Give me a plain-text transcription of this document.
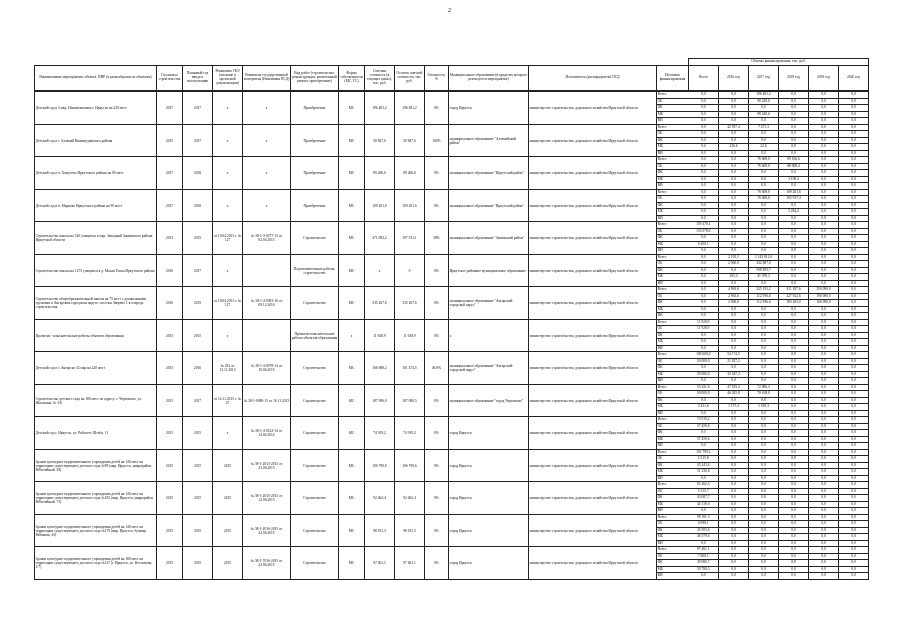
2
													Объемы финансирования, тыс. руб.					
Наименование мероприятия, объекта, ПИР (в разнообразии по объектам)	Год начала строительства	Плановый год ввода в эксплуатацию	Реквизиты ГКЭ (наличие в проектной документации)	Реквизиты государственной экспертизы (Изменения ПСД)	Вид работ (строительство, реконструкция, капитальный ремонт, приобретение)	Форма собственности (МС, ГС)	Сметная стоимость (в текущих ценах), тыс. руб.	Остаток сметной стоимости, тыс. руб.	Готовность, %	Муниципальное образование (в пределах которого реализуется мероприятие)	Исполнитель (распорядитель) ПСД	Источник финансирования	Всего	2016 год	2017 год	2018 год	2019 год	2020 год
Детский сад в 3 мкр. Иннокентьевка г. Иркутск на 220 мест	2017	2017	х	х	Приобретение	МС	196 481,2	196 481,2	0%	город Иркутск	министерство строительства, дорожного хозяйства Иркутской области	Всего	0,0	0,0	196 481,2	0,0	0,0	0,0
												ОБ	0,0	0,0	98 240,6	0,0	0,0	0,0
												ФБ	0,0	0,0	0,0	0,0	0,0	0,0
												МБ	0,0	0,0	98 240,6	0,0	0,0	0,0
												ВИ	0,0	0,0	0,0	0,0	0,0	0,0
Детский сад в г. Алзамай Нижнеудинского района	2015	2017	х	х	Приобретение	МС	50 847,6	50 847,6	100%	муниципальное образование "Алзамайский район"	министерство строительства, дорожного хозяйства Иркутской области	Всего	0,0	42 937,4	7 471,3	0,0	0,0	0,0
												ОБ	0,0	0,0	0,0	0,0	0,0	0,0
												ФБ	0,0	0,0	0,0	0,0	0,0	0,0
												МБ	0,0	236,6	22,6	0,0	0,0	0,0
												ВИ	0,0	0,0	0,0	0,0	0,0	0,0
Детский сад в п. Хомутово Иркутского района на 90 мест	2017	2018	х	х	Приобретение	МС	89 266,6	89 266,6	0%	муниципальное образование "Иркутский район"	министерство строительства, дорожного хозяйства Иркутской области	Всего	0,0	0,0	76 669,0	89 166,6	0,0	0,0
												ОБ	0,0	0,0	76 669,0	88 008,4	0,0	0,0
												ФБ	0,0	0,0	0,0	0,0	0,0	0,0
												МБ	0,0	0,0	0,0	3 108,2	0,0	0,0
												ВИ	0,0	0,0	0,0	0,0	0,0	0,0
Детский сад в п. Марково Иркутского района на 90 мест	2017	2018	х	х	Приобретение	МС	109 201,6	109 201,6	0%	муниципальное образование "Иркутский район"	министерство строительства, дорожного хозяйства Иркутской области	Всего	0,0	0,0	76 669,0	109 201,6	0,0	0,0
												ОБ	0,0	0,0	76 669,0	105 917,4	0,0	0,0
												ФБ	0,0	0,0	0,0	0,0	0,0	0,0
												МБ	0,0	0,0	0,0	3 284,2	0,0	0,0
												ВИ	0,0	0,0	0,0	0,0	0,0	0,0
Строительство школы на 520 учащихся в мкр. Западный Зиминского района Иркутской области	2013	2015	от 10.04.2013 г. № 127	№ 38-1-3-0277-13 от 02.04.2013	Строительство	МС	471 092,2	197 531,1	58%	муниципальное образование "Зиминский район"	министерство строительства, дорожного хозяйства Иркутской области	Всего	159 478,1	0,0	0,0	0,0	0,0	0,0
												ОБ	153 078,0	0,0	0,0	0,0	0,0	0,0
												ФБ	0,0	0,0	0,0	0,0	0,0	0,0
												МБ	6 400,1	0,0	0,0	0,0	0,0	0,0
												ВИ	0,0	0,0	0,0	0,0	0,0	0,0
Строительство школы на 1275 учащихся в д. Малая Топка Иркутского района	2016	2017	х		Подготовительные работы, строительство	МС	х	0	0%	Иркутское районное муниципальное образование	министерство строительства, дорожного хозяйства Иркутской области	Всего	0,0	2 105,3	1 143 811,0	0,0	0,0	0,0
												ОБ	0,0	2 000,0	432 887,0	0,0	0,0	0,0
												ФБ	0,0	0,0	598 855,7	0,0	0,0	0,0
												МБ	0,0	105,3	41 978,3	0,0	0,0	0,0
												ВИ	0,0	0,0	0,0	0,0	0,0	0,0
Строительство общеобразовательной школы на 75 мест с дошкольными группами в Ангарском городском округе, поселок Зверево 1-я очередь строительства	2016	2019	от 18.04.2013 г. № 127	№ 38-1-4-0393-16 от 09.12.2016	Строительство	МС	535 267,6	535 267,6	0%	муниципальное образование "Ангарский городской округ"	министерство строительства, дорожного хозяйства Иркутской области	Всего	0,0	4 963,6	225 193,2	411 187,6	350 090,0	0,0
												ОБ	0,0	2 963,6	112 596,6	227 922,6	190 000,0	0,0
												ФБ	0,0	2 000,0	112 596,6	183 265,0	160 090,0	0,0
												МБ	0,0	0,0	0,0	0,0	0,0	0,0
												ВИ	0,0	0,0	0,0	0,0	0,0	0,0
Проектно - изыскательские работы объектов образования	2015	2015	х		Проектно-изыскательские работы объектов образования	х	11 928,9	11 928,9	0%	х	министерство строительства, дорожного хозяйства Иркутской области	Всего	11 928,9	0,0	0,0	0,0	0,0	0,0
												ОБ	11 928,9	0,0	0,0	0,0	0,0	0,0
												ФБ	0,0	0,0	0,0	0,0	0,0	0,0
												МБ	0,0	0,0	0,0	0,0	0,0	0,0
												ВИ	0,0	0,0	0,0	0,0	0,0	0,0
Детский сад в г. Ангарске 32 мкр на 220 мест	2015	2016	№ 281 от 13.11.2014	№ 38-1-4-0078-14 от 10.06.2015	Строительство	МС	166 688,2	101 474,5	46,9%	муниципальное образование "Ангарский городской округ"	министерство строительства, дорожного хозяйства Иркутской области	Всего	100 000,0	54 174,5	0,0	0,0	0,0	0,0
												ОБ	50 000,0	21 827,2	0,0	0,0	0,0	0,0
												ФБ	0,0	0,0	0,0	0,0	0,0	0,0
												МБ	50 000,0	32 347,3	0,0	0,0	0,0	0,0
												ВИ	0,0	0,0	0,0	0,0	0,0	0,0
Строительство детского сада на 180 мест по адресу: г. Черемхово, ул. Школьная, № 3-Б	2015	2017	от 12.11.2015 г. № 27	№ 38-1-0080-15 от 16.11.2015	Строительство	МС	187 996,0	187 000,5	0%	муниципальное образование "город Черемхово"	министерство строительства, дорожного хозяйства Иркутской области	Всего	53 431,6	47 183,2	72 086,3	0,0	0,0	0,0
												ОБ	50 000,0	46 025,8	70 168,0	0,0	0,0	0,0
												ФБ	0,0	0,0	0,0	0,0	0,0	0,0
												МБ	3 431,6	1 157,4	1 918,3	0,0	0,0	0,0
												ВИ	0,0	0,0	0,0	0,0	0,0	0,0
Детский сад г. Иркутск, ул. Рабочего Штаба, 11	2015	2015	х	№ 38-1-4-0142-14 от 14.04.2014	Строительство	МС	74 919,2	74 919,2	0%	город Иркутск	министерство строительства, дорожного хозяйства Иркутской области	Всего	74 919,2	0,0	0,0	0,0	0,0	0,0
												ОБ	37 459,6	0,0	0,0	0,0	0,0	0,0
												ФБ	0,0	0,0	0,0	0,0	0,0	0,0
												МБ	37 459,6	0,0	0,0	0,0	0,0	0,0
												ВИ	0,0	0,0	0,0	0,0	0,0	0,0
Здание культурно-оздоровительного учреждения детей на 140 мест на территории существующего детского сада №98 (мкр. Иркутск, микрорайон Юбилейный, 29)	2015	2015	2015	№ 38-1-2013-2015 от 23.06.2015	Строительство	МС	106 790,6	106 790,6	0%	город Иркутск	министерство строительства, дорожного хозяйства Иркутской области	Всего	101 790,2	0,0	0,0	0,0	0,0	0,0
												ОБ	5 315,8	0,0	0,0	0,0	0,0	0,0
												ФБ	45 243,6	0,0	0,0	0,0	0,0	0,0
												МБ	51 230,8	0,0	0,0	0,0	0,0	0,0
												ВИ	0,0	0,0	0,0	0,0	0,0	0,0
Здание культурно-оздоровительного учреждения детей на 140 мест на территории существующего детского сада №182 (мкр. Иркутск, микрорайон Юбилейный, 73)	2015	2015	2015	№ 38-1-2015-2015 от 12.06.2015	Строительство	МС	92 462,4	92 462,4	0%	город Иркутск	министерство строительства, дорожного хозяйства Иркутской области	Всего	92 462,4	0,0	0,0	0,0	0,0	0,0
												ОБ	5 315,7	0,0	0,0	0,0	0,0	0,0
												ФБ	43 007,7	0,0	0,0	0,0	0,0	0,0
												МБ	44 139,0	0,0	0,0	0,0	0,0	0,0
												ВИ	0,0	0,0	0,0	0,0	0,0	0,0
Здание культурно-оздоровительного учреждения детей на 140 мест на территории существующего детского сада №179 (мкр. Иркутск, бульвар Рябикова, 43)	2015	2015	2015	№ 38-1-2016-2015 от 22.06.2015	Строительство	МС	98 181,3	98 181,3	0%	город Иркутск	министерство строительства, дорожного хозяйства Иркутской области	Всего	98 181,3	0,0	0,0	0,0	0,0	0,0
												ОБ	6 098,1	0,0	0,0	0,0	0,0	0,0
												ФБ	45 503,6	0,0	0,0	0,0	0,0	0,0
												МБ	46 579,6	0,0	0,0	0,0	0,0	0,0
												ВИ	0,0	0,0	0,0	0,0	0,0	0,0
Здание культурно-оздоровительного учреждения детей на 180 мест на территории существующего детского сада №127 (г. Иркутск, ул. Костычева, 1/7)	2015	2015	2015	№ 38-1-7016-2015 от 22.06.2015	Строительство	МС	97 461,1	97 461,1	0%	город Иркутск	министерство строительства, дорожного хозяйства Иркутской области	Всего	97 461,1	0,0	0,0	0,0	0,0	0,0
												ОБ	7 600,1	0,0	0,0	0,0	0,0	0,0
												ФБ	39 080,7	0,0	0,0	0,0	0,0	0,0
												МБ	50 780,3	0,0	0,0	0,0	0,0	0,0
												ВИ	0,0	0,0	0,0	0,0	0,0	0,0
